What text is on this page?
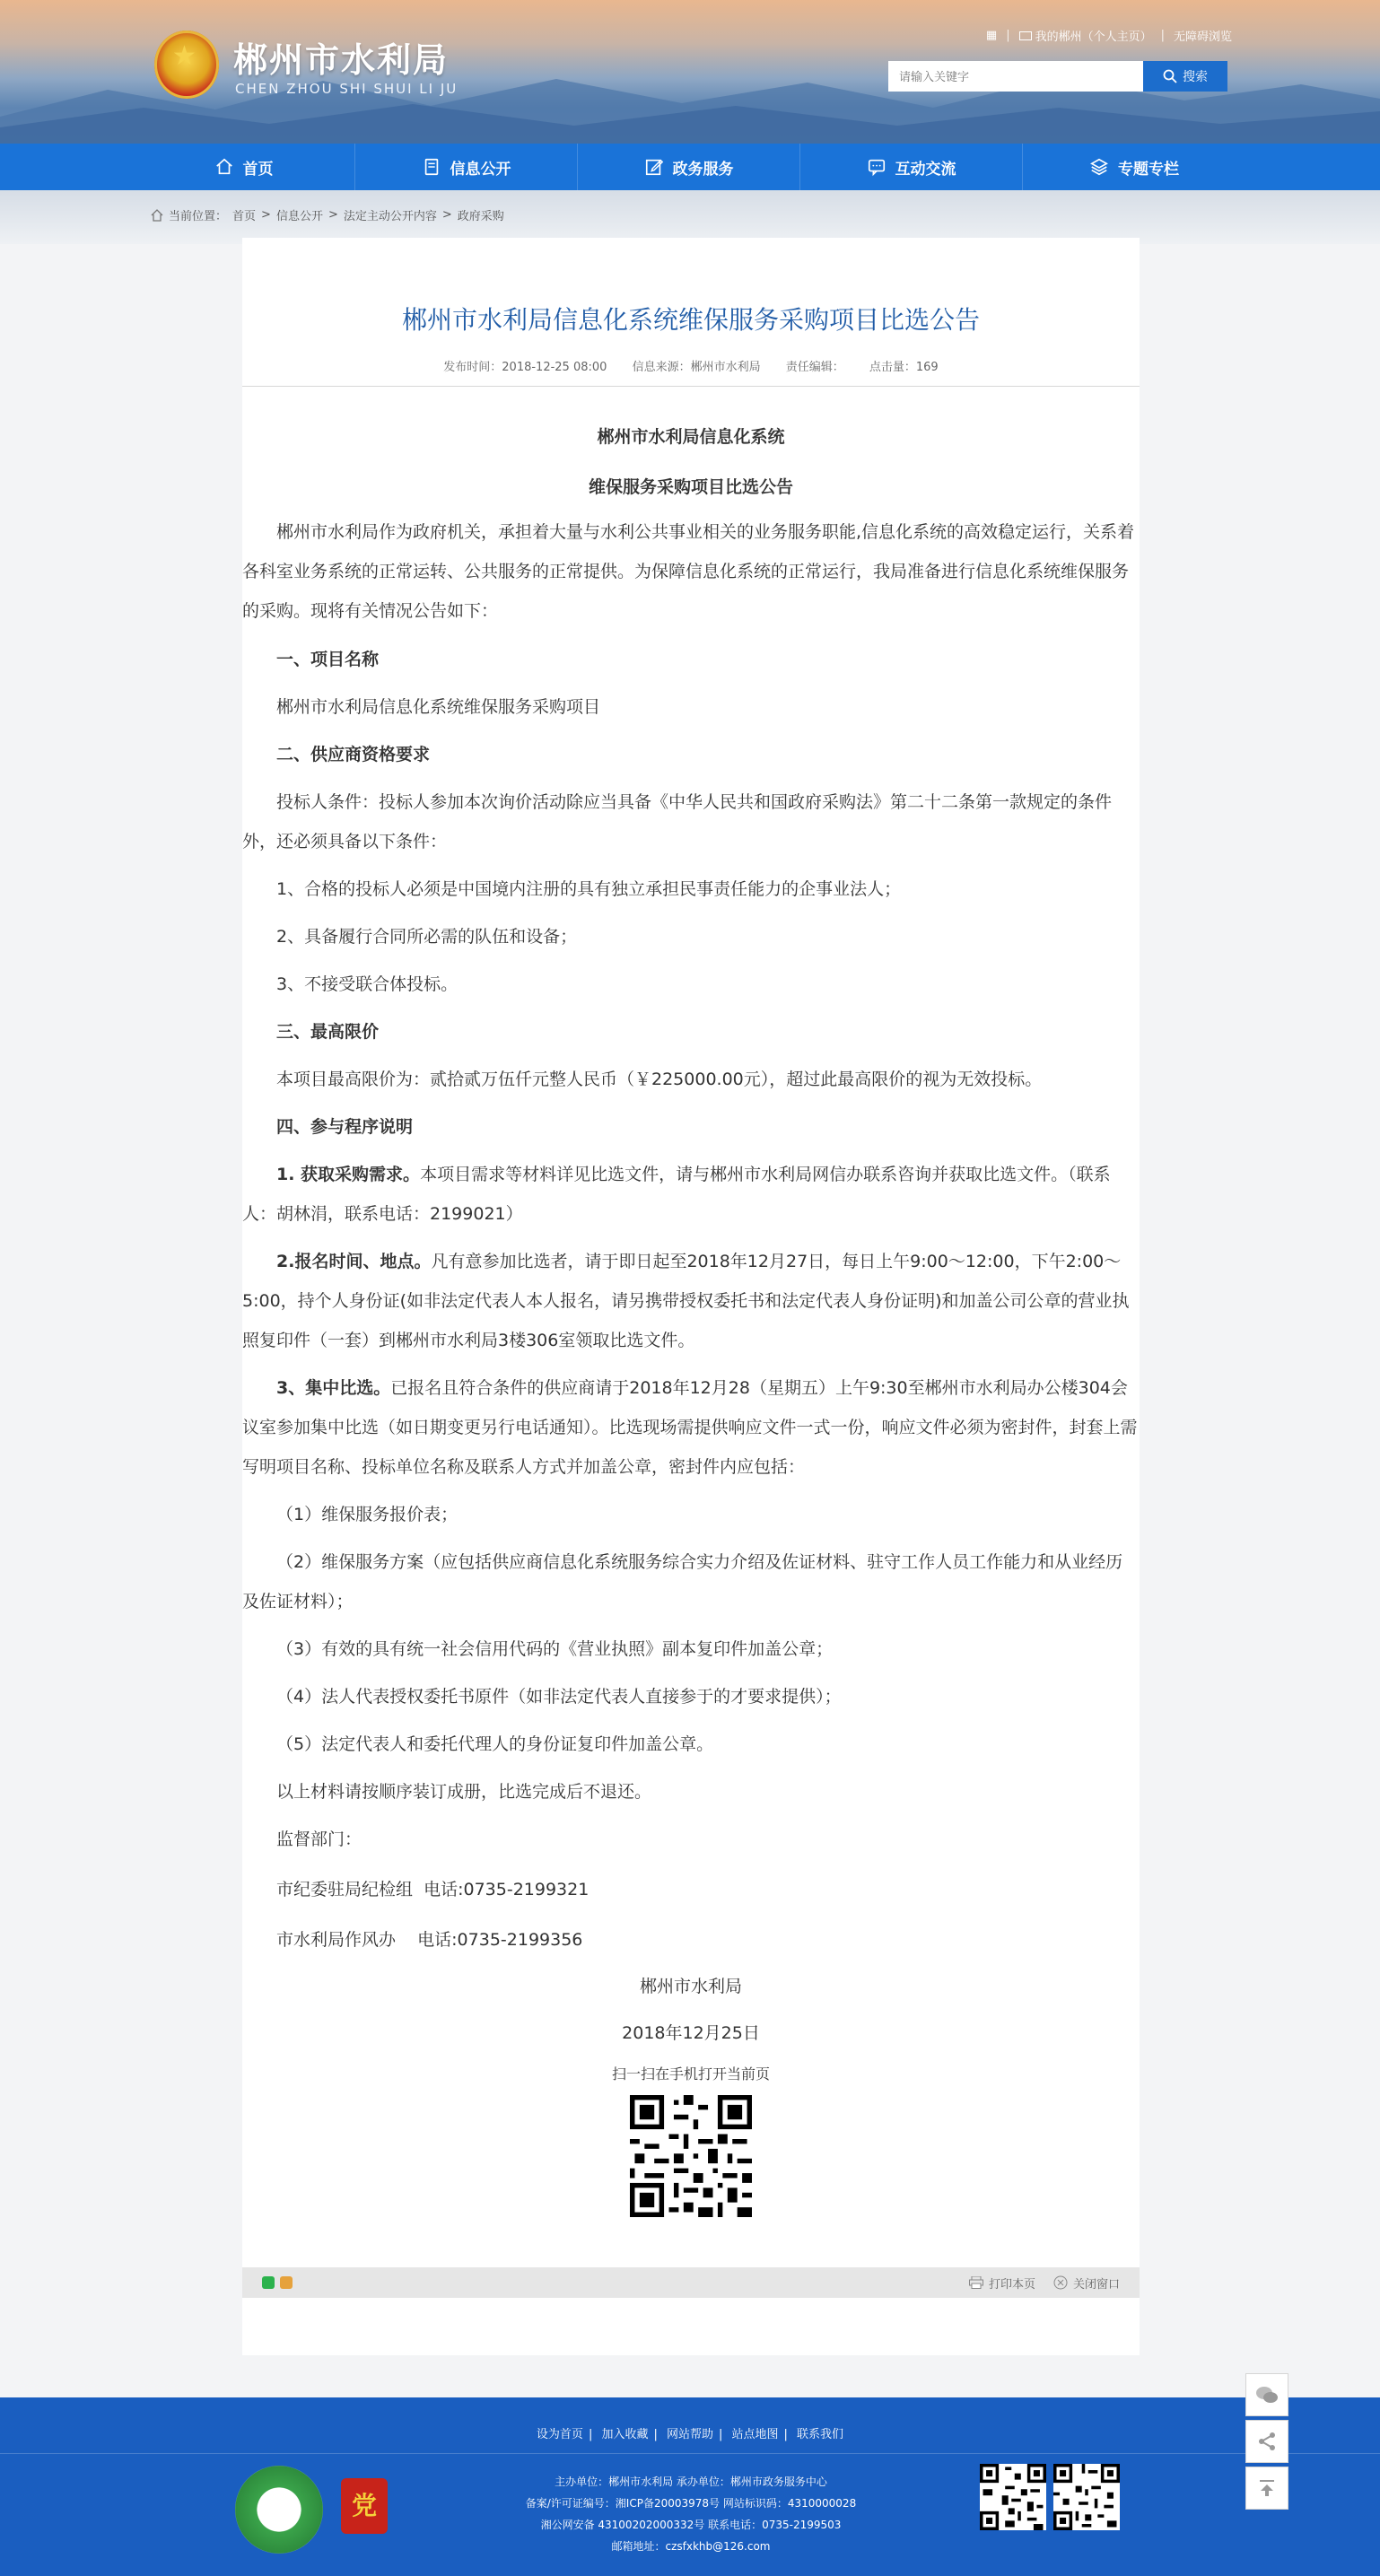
★ 郴州市水利局
CHEN ZHOU SHI SHUI LI JU
▦ |	我的郴州（个人主页） | 无障碍浏览
请输入关键字
搜索
首页	信息公开	政务服务	互动交流	专题专栏
当前位置： 首页 > 信息公开 > 法定主动公开内容 > 政府采购
郴州市水利局信息化系统维保服务采购项目比选公告
发布时间：2018-12-25 08:00 信息来源：郴州市水利局 责任编辑： 点击量：169
郴州市水利局信息化系统
维保服务采购项目比选公告

郴州市水利局作为政府机关，承担着大量与水利公共事业相关的业务服务职能,信息化系统的高效稳定运行，关系着各科室业务系统的正常运转、公共服务的正常提供。为保障信息化系统的正常运行，我局准备进行信息化系统维保服务的采购。现将有关情况公告如下：

一、项目名称

郴州市水利局信息化系统维保服务采购项目

二、供应商资格要求

投标人条件：投标人参加本次询价活动除应当具备《中华人民共和国政府采购法》第二十二条第一款规定的条件外，还必须具备以下条件：

1、合格的投标人必须是中国境内注册的具有独立承担民事责任能力的企事业法人；

2、具备履行合同所必需的队伍和设备；

3、不接受联合体投标。

三、最高限价

本项目最高限价为：贰拾贰万伍仟元整人民币（￥225000.00元），超过此最高限价的视为无效投标。

四、参与程序说明

1. 获取采购需求。本项目需求等材料详见比选文件，请与郴州市水利局网信办联系咨询并获取比选文件。（联系人：胡林涓，联系电话：2199021）

2.报名时间、地点。凡有意参加比选者，请于即日起至2018年12月27日，每日上午9:00～12:00，下午2:00～5:00，持个人身份证(如非法定代表人本人报名，请另携带授权委托书和法定代表人身份证明)和加盖公司公章的营业执照复印件（一套）到郴州市水利局3楼306室领取比选文件。

3、集中比选。已报名且符合条件的供应商请于2018年12月28（星期五）上午9:30至郴州市水利局办公楼304会议室参加集中比选（如日期变更另行电话通知）。比选现场需提供响应文件一式一份，响应文件必须为密封件，封套上需写明项目名称、投标单位名称及联系人方式并加盖公章，密封件内应包括：

（1）维保服务报价表；

（2）维保服务方案（应包括供应商信息化系统服务综合实力介绍及佐证材料、驻守工作人员工作能力和从业经历及佐证材料）；

（3）有效的具有统一社会信用代码的《营业执照》副本复印件加盖公章；

（4）法人代表授权委托书原件（如非法定代表人直接参于的才要求提供）；

（5）法定代表人和委托代理人的身份证复印件加盖公章。

以上材料请按顺序装订成册，比选完成后不退还。

监督部门：

市纪委驻局纪检组  电话:0735-2199321

市水利局作风办    电话:0735-2199356

郴州市水利局
2018年12月25日
扫一扫在手机打开当前页
打印本页	关闭窗口
设为首页 | 加入收藏 | 网站帮助 | 站点地图 | 联系我们
主办单位：郴州市水利局 承办单位：郴州市政务服务中心
备案/许可证编号：湘ICP备20003978号 网站标识码：4310000028
湘公网安备 43100202000332号 联系电话：0735-2199503
邮箱地址：czsfxkhb@126.com
党
